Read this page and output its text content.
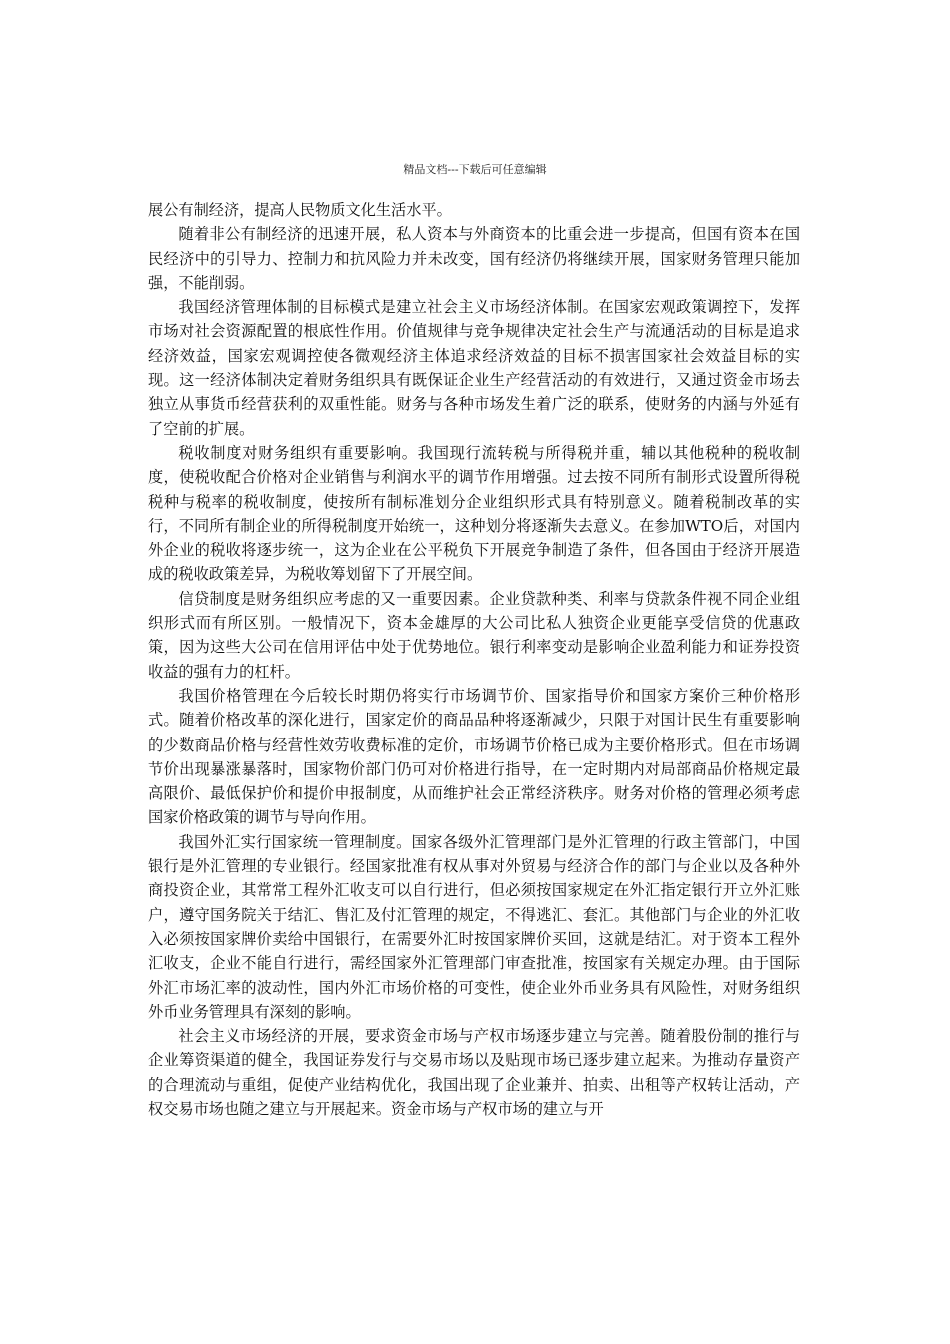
精品文档---下载后可任意编辑

展公有制经济，提高人民物质文化生活水平。

随着非公有制经济的迅速开展，私人资本与外商资本的比重会进一步提高，但国有资本在国民经济中的引导力、控制力和抗风险力并未改变，国有经济仍将继续开展，国家财务管理只能加强，不能削弱。

我国经济管理体制的目标模式是建立社会主义市场经济体制。在国家宏观政策调控下，发挥市场对社会资源配置的根底性作用。价值规律与竞争规律决定社会生产与流通活动的目标是追求经济效益，国家宏观调控使各微观经济主体追求经济效益的目标不损害国家社会效益目标的实现。这一经济体制决定着财务组织具有既保证企业生产经营活动的有效进行，又通过资金市场去独立从事货币经营获利的双重性能。财务与各种市场发生着广泛的联系，使财务的内涵与外延有了空前的扩展。

税收制度对财务组织有重要影响。我国现行流转税与所得税并重，辅以其他税种的税收制度，使税收配合价格对企业销售与利润水平的调节作用增强。过去按不同所有制形式设置所得税税种与税率的税收制度，使按所有制标准划分企业组织形式具有特别意义。随着税制改革的实行，不同所有制企业的所得税制度开始统一，这种划分将逐渐失去意义。在参加WTO后，对国内外企业的税收将逐步统一，这为企业在公平税负下开展竞争制造了条件，但各国由于经济开展造成的税收政策差异，为税收筹划留下了开展空间。

信贷制度是财务组织应考虑的又一重要因素。企业贷款种类、利率与贷款条件视不同企业组织形式而有所区别。一般情况下，资本金雄厚的大公司比私人独资企业更能享受信贷的优惠政策，因为这些大公司在信用评估中处于优势地位。银行利率变动是影响企业盈利能力和证券投资收益的强有力的杠杆。

我国价格管理在今后较长时期仍将实行市场调节价、国家指导价和国家方案价三种价格形式。随着价格改革的深化进行，国家定价的商品品种将逐渐减少，只限于对国计民生有重要影响的少数商品价格与经营性效劳收费标准的定价，市场调节价格已成为主要价格形式。但在市场调节价出现暴涨暴落时，国家物价部门仍可对价格进行指导，在一定时期内对局部商品价格规定最高限价、最低保护价和提价申报制度，从而维护社会正常经济秩序。财务对价格的管理必须考虑国家价格政策的调节与导向作用。

我国外汇实行国家统一管理制度。国家各级外汇管理部门是外汇管理的行政主管部门，中国银行是外汇管理的专业银行。经国家批准有权从事对外贸易与经济合作的部门与企业以及各种外商投资企业，其常常工程外汇收支可以自行进行，但必须按国家规定在外汇指定银行开立外汇账户，遵守国务院关于结汇、售汇及付汇管理的规定，不得逃汇、套汇。其他部门与企业的外汇收入必须按国家牌价卖给中国银行，在需要外汇时按国家牌价买回，这就是结汇。对于资本工程外汇收支，企业不能自行进行，需经国家外汇管理部门审查批准，按国家有关规定办理。由于国际外汇市场汇率的波动性，国内外汇市场价格的可变性，使企业外币业务具有风险性，对财务组织外币业务管理具有深刻的影响。

社会主义市场经济的开展，要求资金市场与产权市场逐步建立与完善。随着股份制的推行与企业筹资渠道的健全，我国证券发行与交易市场以及贴现市场已逐步建立起来。为推动存量资产的合理流动与重组，促使产业结构优化，我国出现了企业兼并、拍卖、出租等产权转让活动，产权交易市场也随之建立与开展起来。资金市场与产权市场的建立与开
